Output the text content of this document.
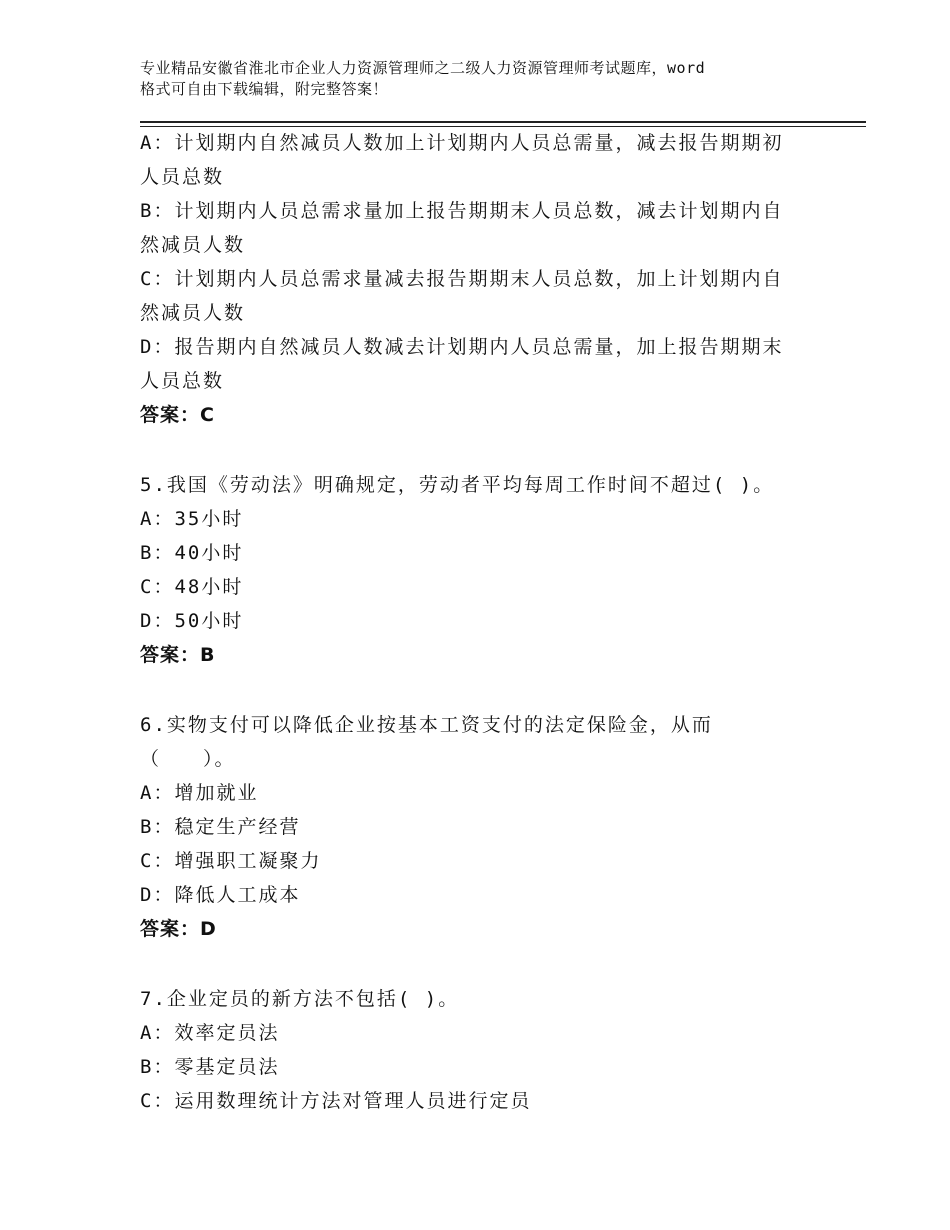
专业精品安徽省淮北市企业人力资源管理师之二级人力资源管理师考试题库，word
格式可自由下载编辑，附完整答案！
A：计划期内自然减员人数加上计划期内人员总需量，减去报告期期初
人员总数
B：计划期内人员总需求量加上报告期期末人员总数，减去计划期内自
然减员人数
C：计划期内人员总需求量减去报告期期末人员总数，加上计划期内自
然减员人数
D：报告期内自然减员人数减去计划期内人员总需量，加上报告期期末
人员总数
答案：C
5.我国《劳动法》明确规定，劳动者平均每周工作时间不超过( )。
A：35小时
B：40小时
C：48小时
D：50小时
答案：B
6.实物支付可以降低企业按基本工资支付的法定保险金，从而
（　　）。
A：增加就业
B：稳定生产经营
C：增强职工凝聚力
D：降低人工成本
答案：D
7.企业定员的新方法不包括( )。
A：效率定员法
B：零基定员法
C：运用数理统计方法对管理人员进行定员
